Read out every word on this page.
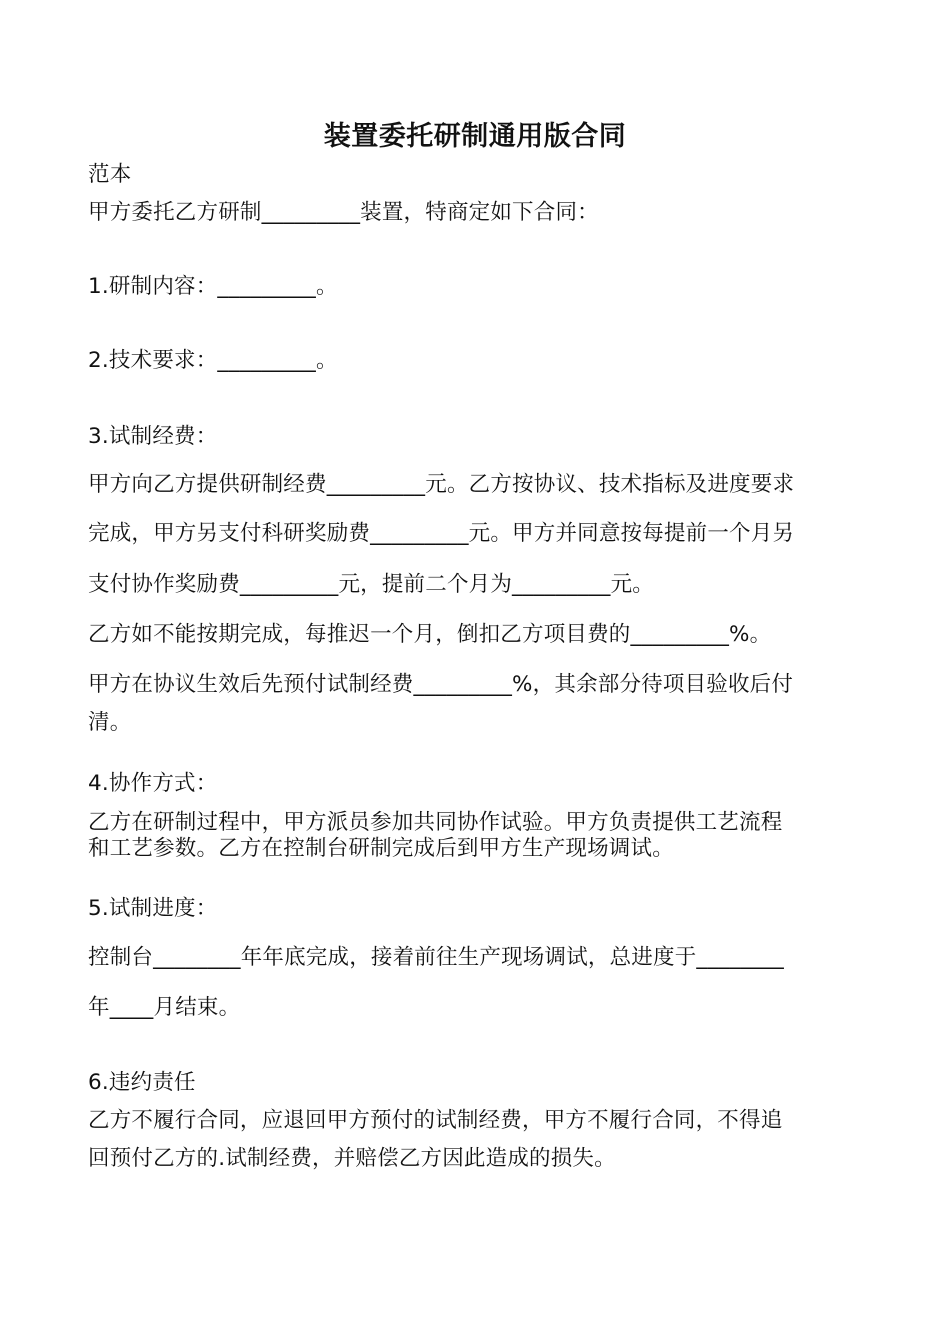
装置委托研制通用版合同

范本

甲方委托乙方研制_________装置，特商定如下合同：

1.研制内容：_________。

2.技术要求：_________。

3.试制经费：

甲方向乙方提供研制经费_________元。乙方按协议、技术指标及进度要求

完成，甲方另支付科研奖励费_________元。甲方并同意按每提前一个月另

支付协作奖励费_________元，提前二个月为_________元。

乙方如不能按期完成，每推迟一个月，倒扣乙方项目费的_________%。

甲方在协议生效后先预付试制经费_________%，其余部分待项目验收后付

清。

4.协作方式：

乙方在研制过程中，甲方派员参加共同协作试验。甲方负责提供工艺流程

和工艺参数。乙方在控制台研制完成后到甲方生产现场调试。

5.试制进度：

控制台________年年底完成，接着前往生产现场调试，总进度于________

年____月结束。

6.违约责任

乙方不履行合同，应退回甲方预付的试制经费，甲方不履行合同，不得追

回预付乙方的.试制经费，并赔偿乙方因此造成的损失。
